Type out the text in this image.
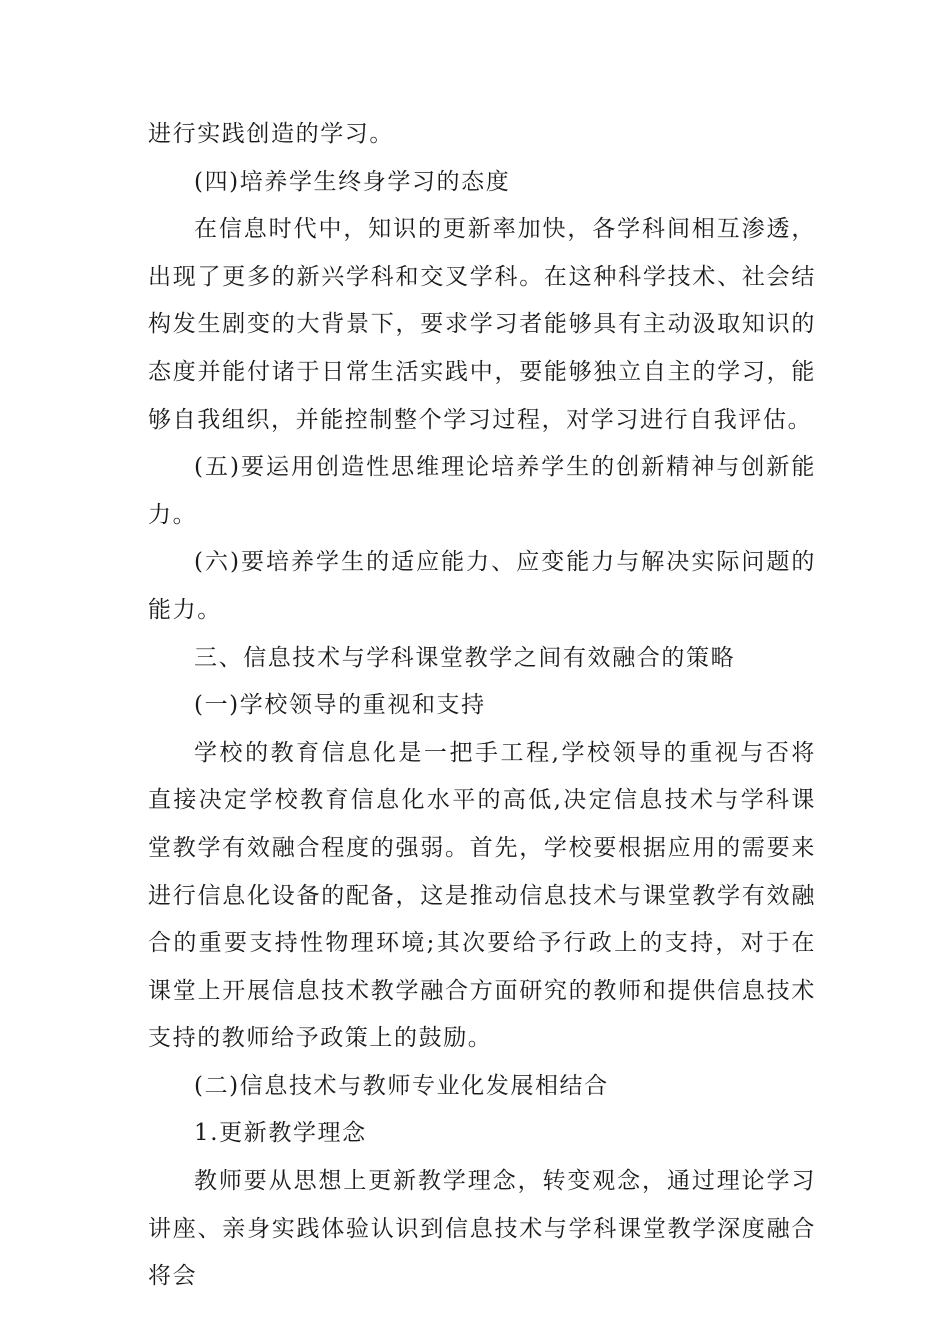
进行实践创造的学习。
(四)培养学生终身学习的态度
在信息时代中，知识的更新率加快，各学科间相互渗透，出现了更多的新兴学科和交叉学科。在这种科学技术、社会结构发生剧变的大背景下，要求学习者能够具有主动汲取知识的态度并能付诸于日常生活实践中，要能够独立自主的学习，能够自我组织，并能控制整个学习过程，对学习进行自我评估。
(五)要运用创造性思维理论培养学生的创新精神与创新能力。
(六)要培养学生的适应能力、应变能力与解决实际问题的能力。
三、信息技术与学科课堂教学之间有效融合的策略
(一)学校领导的重视和支持
学校的教育信息化是一把手工程,学校领导的重视与否将直接决定学校教育信息化水平的高低,决定信息技术与学科课堂教学有效融合程度的强弱。首先，学校要根据应用的需要来进行信息化设备的配备，这是推动信息技术与课堂教学有效融合的重要支持性物理环境;其次要给予行政上的支持，对于在课堂上开展信息技术教学融合方面研究的教师和提供信息技术支持的教师给予政策上的鼓励。
(二)信息技术与教师专业化发展相结合
1.更新教学理念
教师要从思想上更新教学理念，转变观念，通过理论学习讲座、亲身实践体验认识到信息技术与学科课堂教学深度融合将会
